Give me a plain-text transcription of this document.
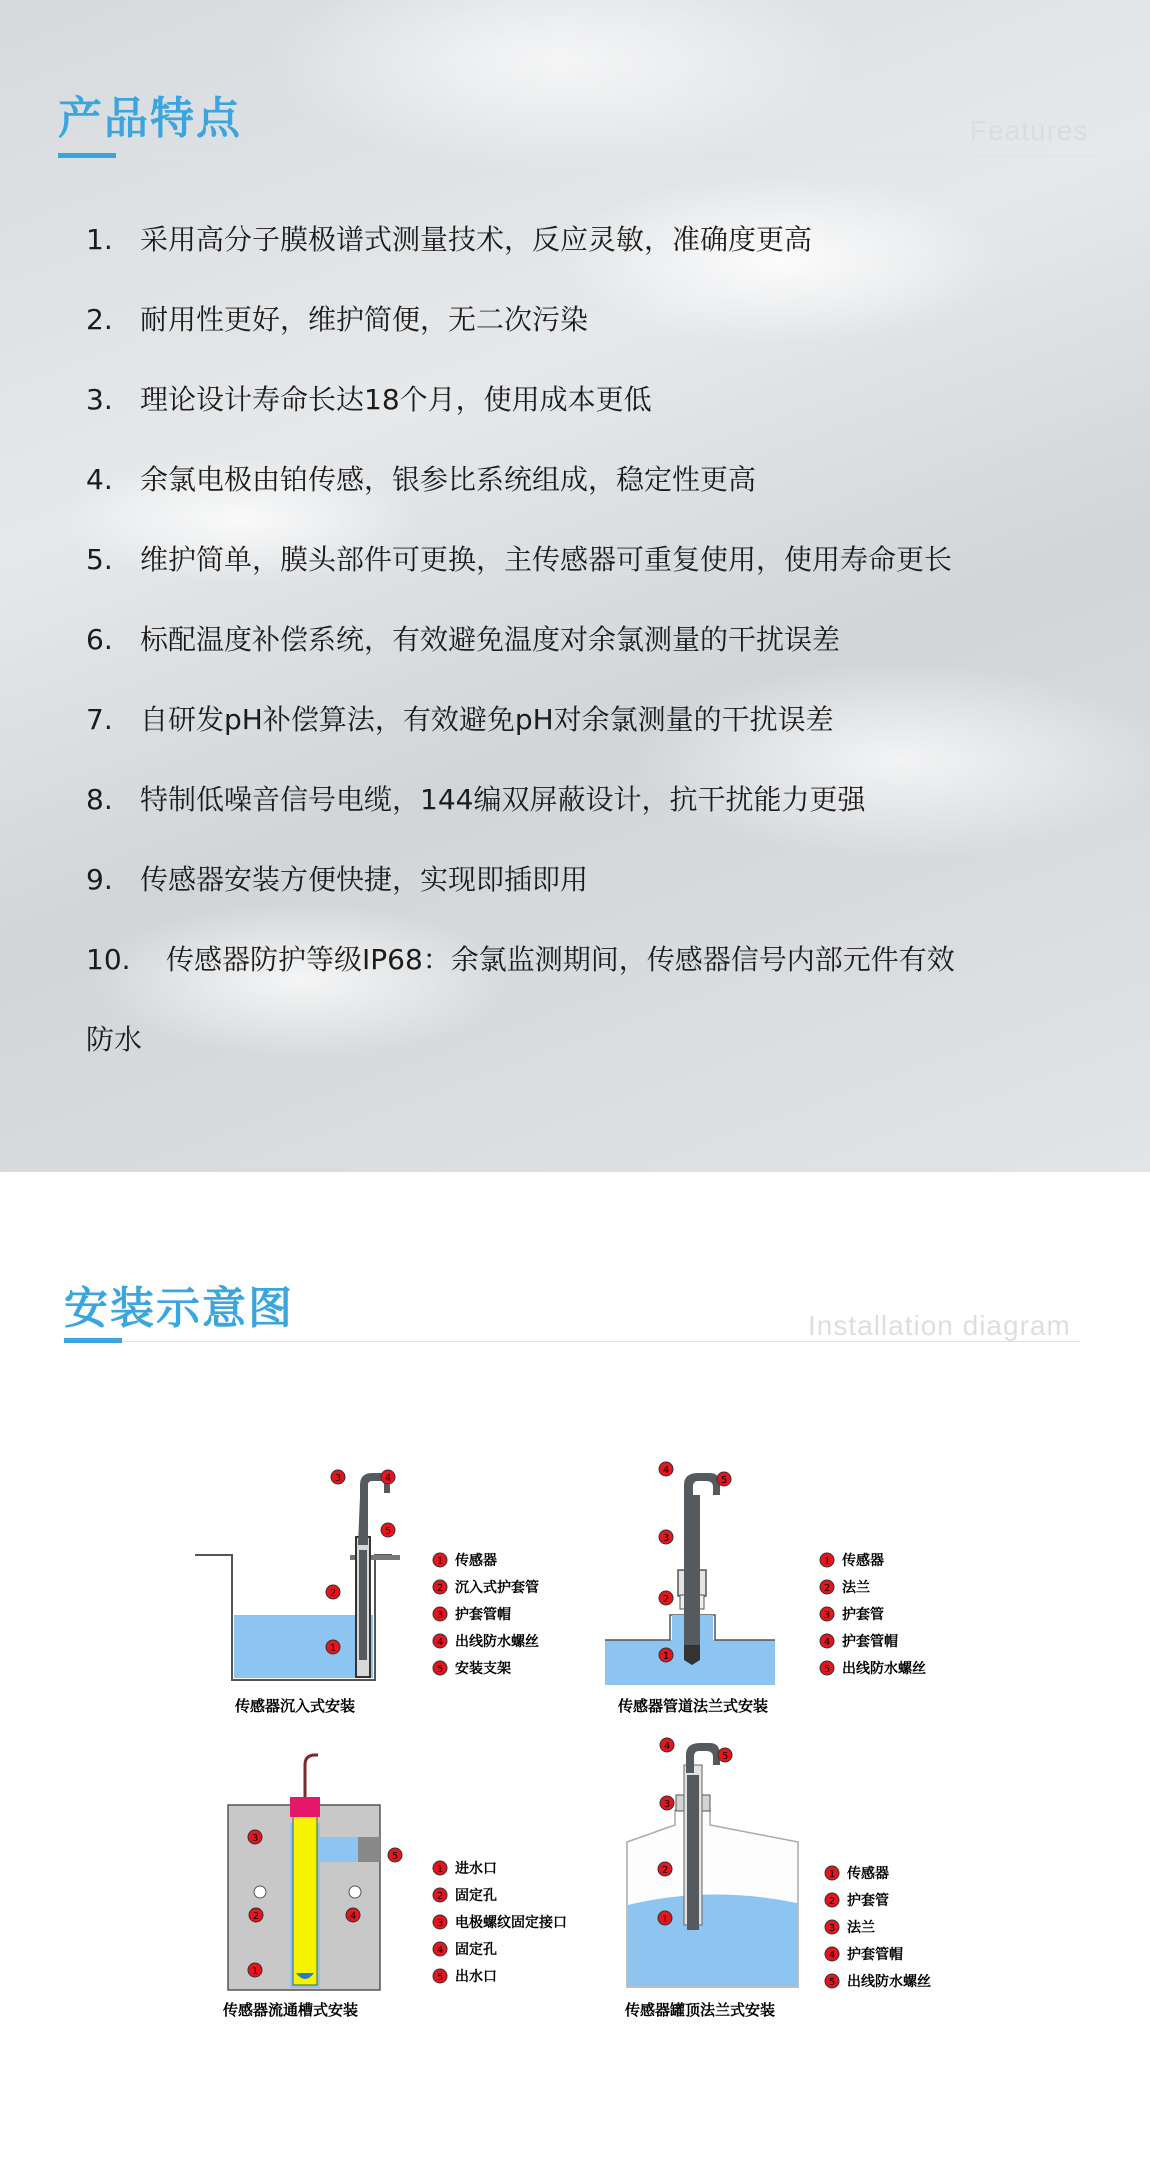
产品特点	Features
1. 采用高分子膜极谱式测量技术，反应灵敏，准确度更高
2. 耐用性更好，维护简便，无二次污染
3. 理论设计寿命长达18个月，使用成本更低
4. 余氯电极由铂传感，银参比系统组成，稳定性更高
5. 维护简单，膜头部件可更换，主传感器可重复使用，使用寿命更长
6. 标配温度补偿系统，有效避免温度对余氯测量的干扰误差
7. 自研发pH补偿算法，有效避免pH对余氯测量的干扰误差
8. 特制低噪音信号电缆，144编双屏蔽设计，抗干扰能力更强
9. 传感器安装方便快捷，实现即插即用
10. 传感器防护等级IP68：余氯监测期间，传感器信号内部元件有效
防水
安装示意图	Installation diagram
3	4
5
2
1
1 传感器
2 沉入式护套管
3 护套管帽
4 出线防水螺丝
5 安装支架
传感器沉入式安装
4
5
3
2
1
1 传感器
2 法兰
3 护套管
4 护套管帽
5 出线防水螺丝
传感器管道法兰式安装
3
5
2	4
1
1 进水口
2 固定孔
3 电极螺纹固定接口
4 固定孔
5 出水口
传感器流通槽式安装
4
5
3
2
1
1 传感器
2 护套管
3 法兰
4 护套管帽
5 出线防水螺丝
传感器罐顶法兰式安装
